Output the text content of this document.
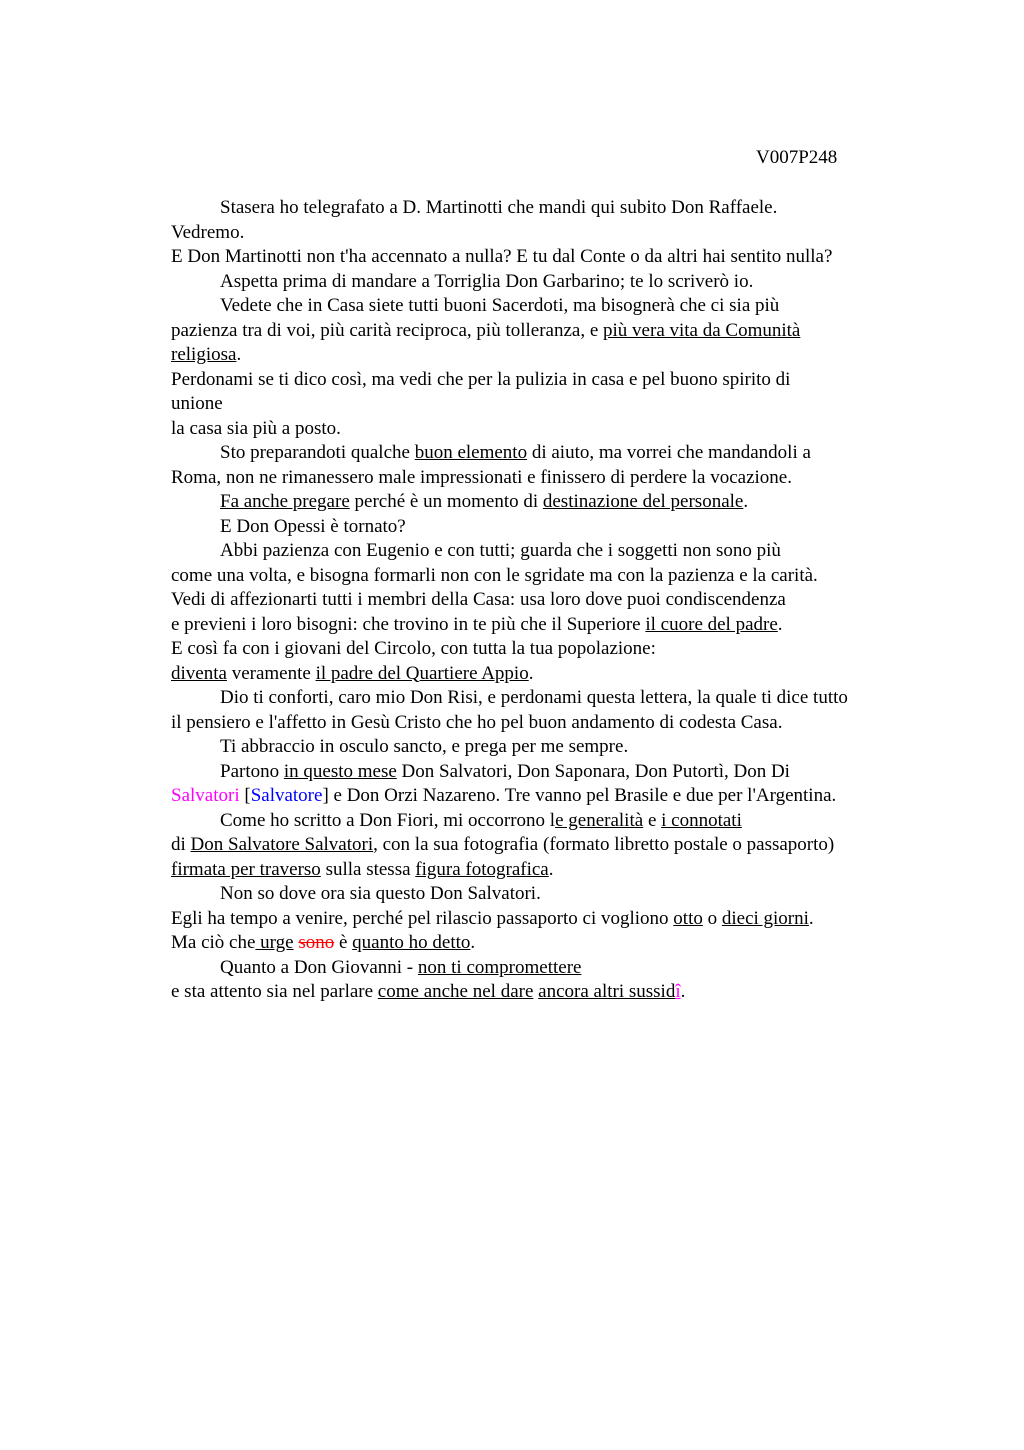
V007P248
Stasera ho telegrafato a D. Martinotti che mandi qui subito Don Raffaele.
Vedremo.
E Don Martinotti non t'ha accennato a nulla? E tu dal Conte o da altri hai sentito nulla?
Aspetta prima di mandare a Torriglia Don Garbarino; te lo scriverò io.
Vedete che in Casa siete tutti buoni Sacerdoti, ma bisognerà che ci sia più
pazienza tra di voi, più carità reciproca, più tolleranza, e più vera vita da Comunità
religiosa.
Perdonami se ti dico così, ma vedi che per la pulizia in casa e pel buono spirito di
unione
la casa sia più a posto.
Sto preparandoti qualche buon elemento di aiuto, ma vorrei che mandandoli a
Roma, non ne rimanessero male impressionati e finissero di perdere la vocazione.
Fa anche pregare perché è un momento di destinazione del personale.
E Don Opessi è tornato?
Abbi pazienza con Eugenio e con tutti; guarda che i soggetti non sono più
come una volta, e bisogna formarli non con le sgridate ma con la pazienza e la carità.
Vedi di affezionarti tutti i membri della Casa: usa loro dove puoi condiscendenza
e previeni i loro bisogni: che trovino in te più che il Superiore il cuore del padre.
E così fa con i giovani del Circolo, con tutta la tua popolazione:
diventa veramente il padre del Quartiere Appio.
Dio ti conforti, caro mio Don Risi, e perdonami questa lettera, la quale ti dice tutto
il pensiero e l'affetto in Gesù Cristo che ho pel buon andamento di codesta Casa.
Ti abbraccio in osculo sancto, e prega per me sempre.
Partono in questo mese Don Salvatori, Don Saponara, Don Putortì, Don Di
Salvatori [Salvatore] e Don Orzi Nazareno. Tre vanno pel Brasile e due per l'Argentina.
Come ho scritto a Don Fiori, mi occorrono le generalità e i connotati
di Don Salvatore Salvatori, con la sua fotografia (formato libretto postale o passaporto)
firmata per traverso sulla stessa figura fotografica.
Non so dove ora sia questo Don Salvatori.
Egli ha tempo a venire, perché pel rilascio passaporto ci vogliono otto o dieci giorni.
Ma ciò che urge sono è quanto ho detto.
Quanto a Don Giovanni - non ti compromettere
e sta attento sia nel parlare come anche nel dare ancora altri sussidî.
